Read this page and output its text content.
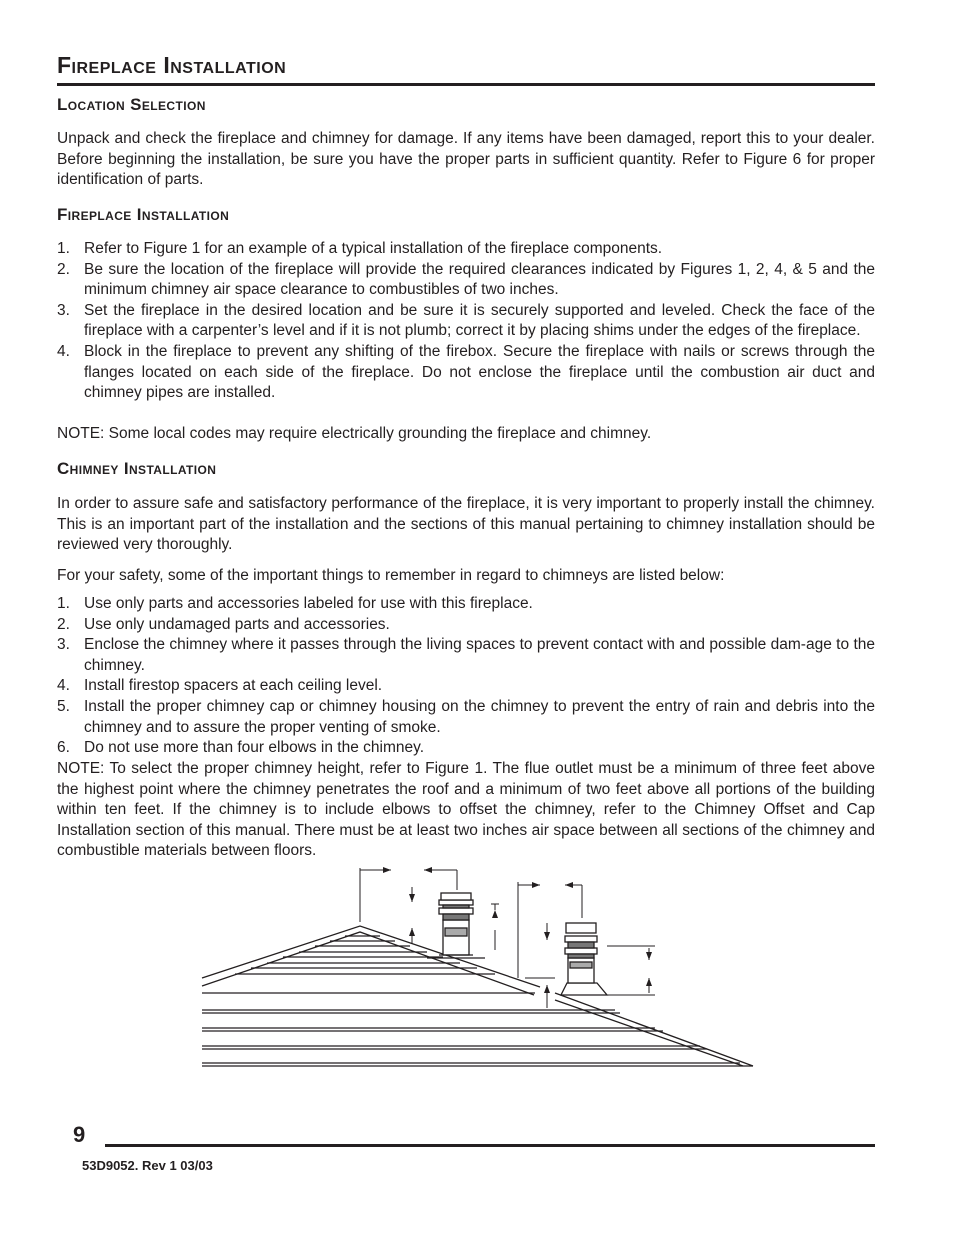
Fireplace Installation
Location Selection

Unpack and check the fireplace and chimney for damage. If any items have been damaged, report this to your dealer. Before beginning the installation, be sure you have the proper parts in sufficient quantity. Refer to Figure 6 for proper identification of parts.

Fireplace Installation
1. Refer to Figure 1 for an example of a typical installation of the fireplace components.
2. Be sure the location of the fireplace will provide the required clearances indicated by Figures 1, 2, 4, & 5 and the minimum chimney air space clearance to combustibles of two inches.
3. Set the fireplace in the desired location and be sure it is securely supported and leveled. Check the face of the fireplace with a carpenter’s level and if it is not plumb; correct it by placing shims under the edges of the fireplace.
4. Block in the fireplace to prevent any shifting of the firebox. Secure the fireplace with nails or screws through the flanges located on each side of the fireplace. Do not enclose the fireplace until the combustion air duct and chimney pipes are installed.

NOTE: Some local codes may require electrically grounding the fireplace and chimney.

Chimney Installation

In order to assure safe and satisfactory performance of the fireplace, it is very important to properly install the chimney. This is an important part of the installation and the sections of this manual pertaining to chimney installation should be reviewed very thoroughly.

For your safety, some of the important things to remember in regard to chimneys are listed below:

1. Use only parts and accessories labeled for use with this fireplace.
2. Use only undamaged parts and accessories.
3. Enclose the chimney where it passes through the living spaces to prevent contact with and possible dam-age to the chimney.
4. Install firestop spacers at each ceiling level.
5. Install the proper chimney cap or chimney housing on the chimney to prevent the entry of rain and debris into the chimney and to assure the proper venting of smoke.
6. Do not use more than four elbows in the chimney.

NOTE: To select the proper chimney height, refer to Figure 1. The flue outlet must be a minimum of three feet above the highest point where the chimney penetrates the roof and a minimum of two feet above all portions of the building within ten feet. If the chimney is to include elbows to offset the chimney, refer to the Chimney Offset and Cap Installation section of this manual. There must be at least two inches air space between all sections of the chimney and combustible materials between floors.

9
53D9052. Rev 1 03/03
